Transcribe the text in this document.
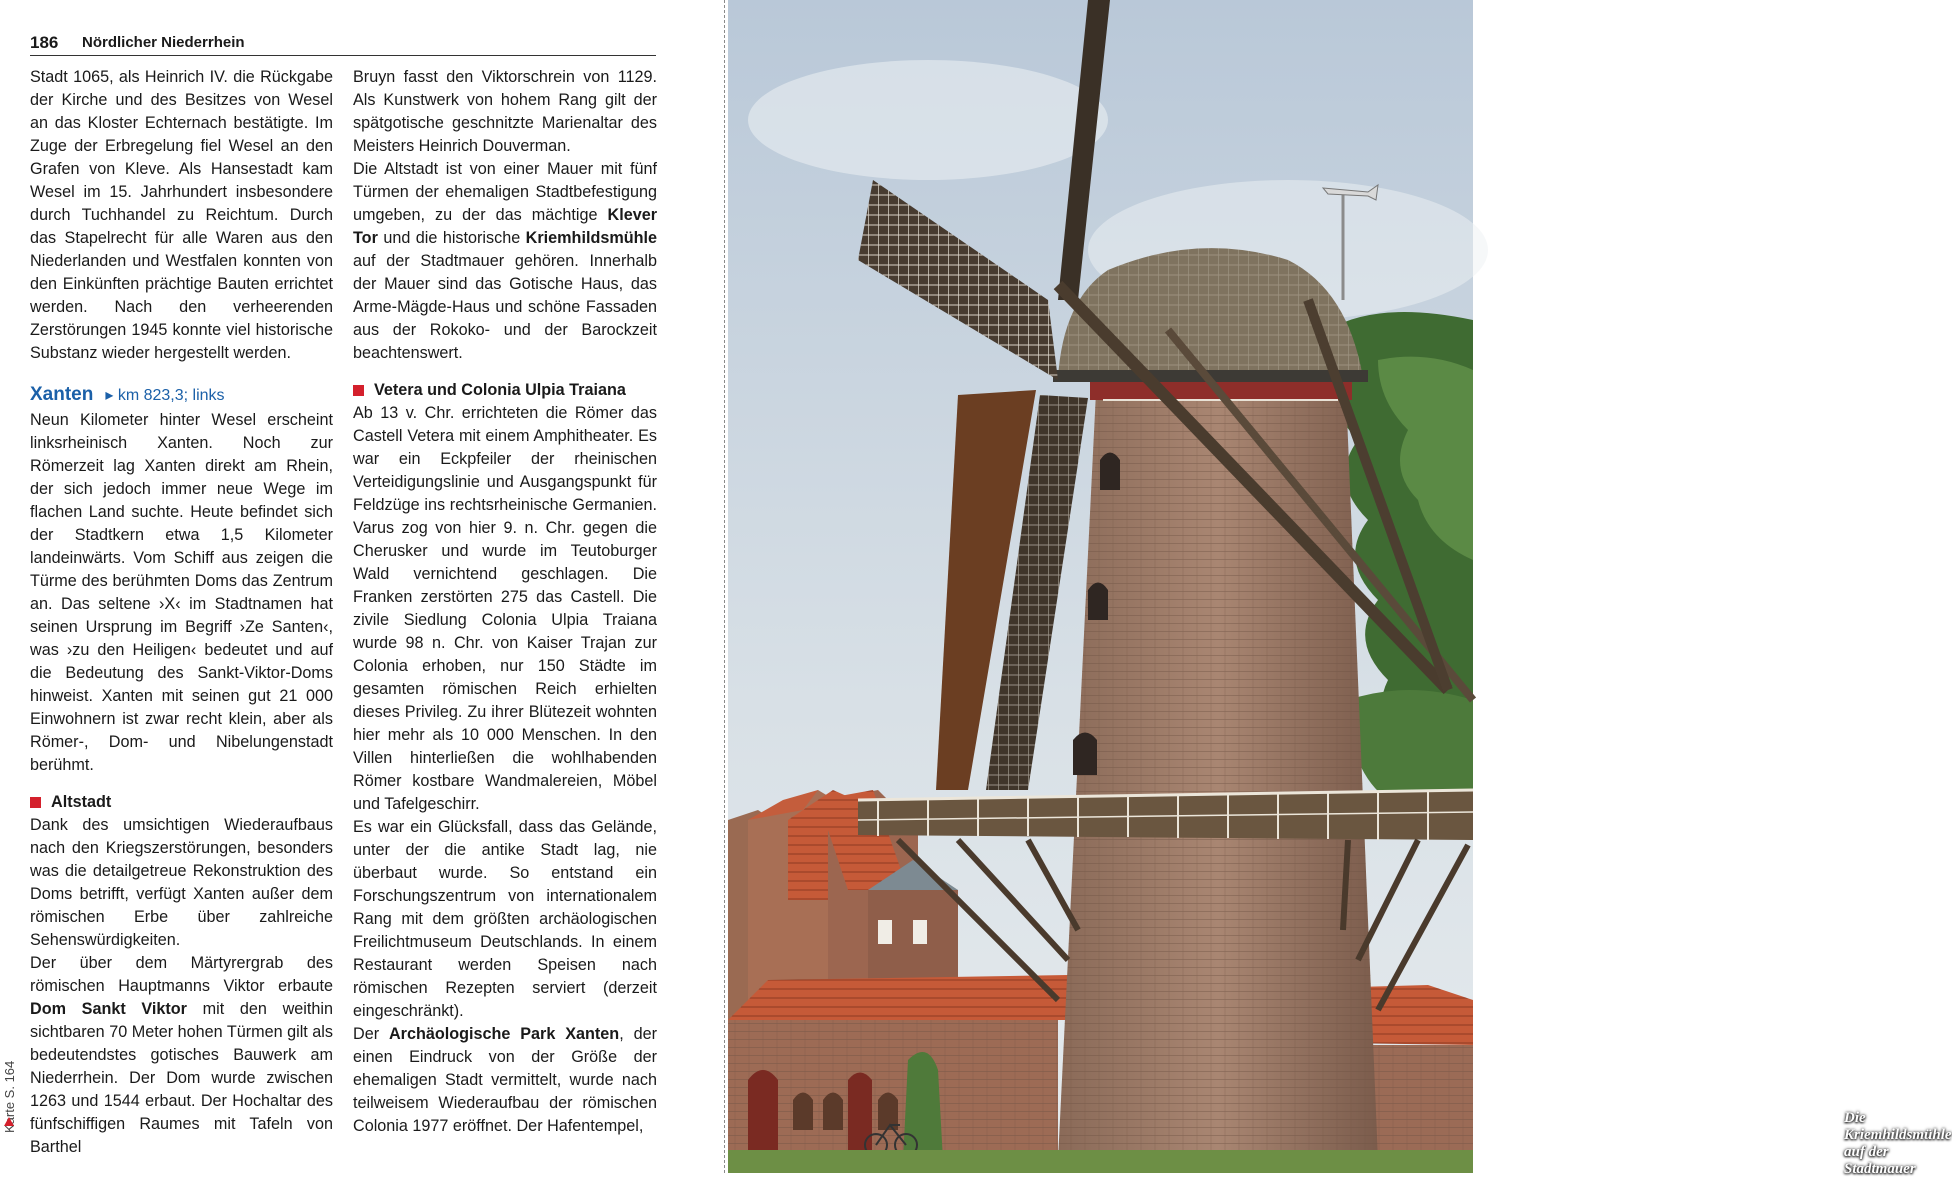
186 Nördlicher Niederrhein

Stadt 1065, als Heinrich IV. die Rückgabe der Kirche und des Besitzes von Wesel an das Kloster Echternach bestätigte. Im Zuge der Erbregelung fiel Wesel an den Grafen von Kleve. Als Hansestadt kam Wesel im 15. Jahrhundert insbesondere durch Tuchhandel zu Reichtum. Durch das Stapelrecht für alle Waren aus den Niederlanden und Westfalen konnten von den Einkünften prächtige Bauten errichtet werden. Nach den verheerenden Zerstörungen 1945 konnte viel historische Substanz wieder hergestellt werden.

Xanten ▸ km 823,3; links

Neun Kilometer hinter Wesel erscheint linksrheinisch Xanten. Noch zur Römerzeit lag Xanten direkt am Rhein, der sich jedoch immer neue Wege im flachen Land suchte. Heute befindet sich der Stadtkern etwa 1,5 Kilometer landeinwärts. Vom Schiff aus zeigen die Türme des berühmten Doms das Zentrum an. Das seltene ›X‹ im Stadtnamen hat seinen Ursprung im Begriff ›Ze Santen‹, was ›zu den Heiligen‹ bedeutet und auf die Bedeutung des Sankt-Viktor-Doms hinweist. Xanten mit seinen gut 21 000 Einwohnern ist zwar recht klein, aber als Römer-, Dom- und Nibelungenstadt berühmt.

Altstadt

Dank des umsichtigen Wiederaufbaus nach den Kriegszerstörungen, besonders was die detailgetreue Rekonstruktion des Doms betrifft, verfügt Xanten außer dem römischen Erbe über zahlreiche Sehenswürdigkeiten.

Der über dem Märtyrergrab des römischen Hauptmanns Viktor erbaute Dom Sankt Viktor mit den weithin sichtbaren 70 Meter hohen Türmen gilt als bedeutendstes gotisches Bauwerk am Niederrhein. Der Dom wurde zwischen 1263 und 1544 erbaut. Der Hochaltar des fünfschiffigen Raumes mit Tafeln von Barthel

Bruyn fasst den Viktorschrein von 1129. Als Kunstwerk von hohem Rang gilt der spätgotische geschnitzte Marienaltar des Meisters Heinrich Douverman.

Die Altstadt ist von einer Mauer mit fünf Türmen der ehemaligen Stadtbefestigung umgeben, zu der das mächtige Klever Tor und die historische Kriemhildsmühle auf der Stadtmauer gehören. Innerhalb der Mauer sind das Gotische Haus, das Arme-Mägde-Haus und schöne Fassaden aus der Rokoko- und der Barockzeit beachtenswert.

Vetera und Colonia Ulpia Traiana

Ab 13 v. Chr. errichteten die Römer das Castell Vetera mit einem Amphitheater. Es war ein Eckpfeiler der rheinischen Verteidigungslinie und Ausgangspunkt für Feldzüge ins rechtsrheinische Germanien. Varus zog von hier 9. n. Chr. gegen die Cherusker und wurde im Teutoburger Wald vernichtend geschlagen. Die Franken zerstörten 275 das Castell. Die zivile Siedlung Colonia Ulpia Traiana wurde 98 n. Chr. von Kaiser Trajan zur Colonia erhoben, nur 150 Städte im gesamten römischen Reich erhielten dieses Privileg. Zu ihrer Blütezeit wohnten hier mehr als 10 000 Menschen. In den Villen hinterließen die wohlhabenden Römer kostbare Wandmalereien, Möbel und Tafelgeschirr.

Es war ein Glücksfall, dass das Gelände, unter der die antike Stadt lag, nie überbaut wurde. So entstand ein Forschungszentrum von internationalem Rang mit dem größten archäologischen Freilichtmuseum Deutschlands. In einem Restaurant werden Speisen nach römischen Rezepten serviert (derzeit eingeschränkt).

Der Archäologische Park Xanten, der einen Eindruck von der Größe der ehemaligen Stadt vermittelt, wurde nach teilweisem Wiederaufbau der römischen Colonia 1977 eröffnet. Der Hafentempel,

Karte S. 164	Die Kriemhildsmühle auf der Stadtmauer
